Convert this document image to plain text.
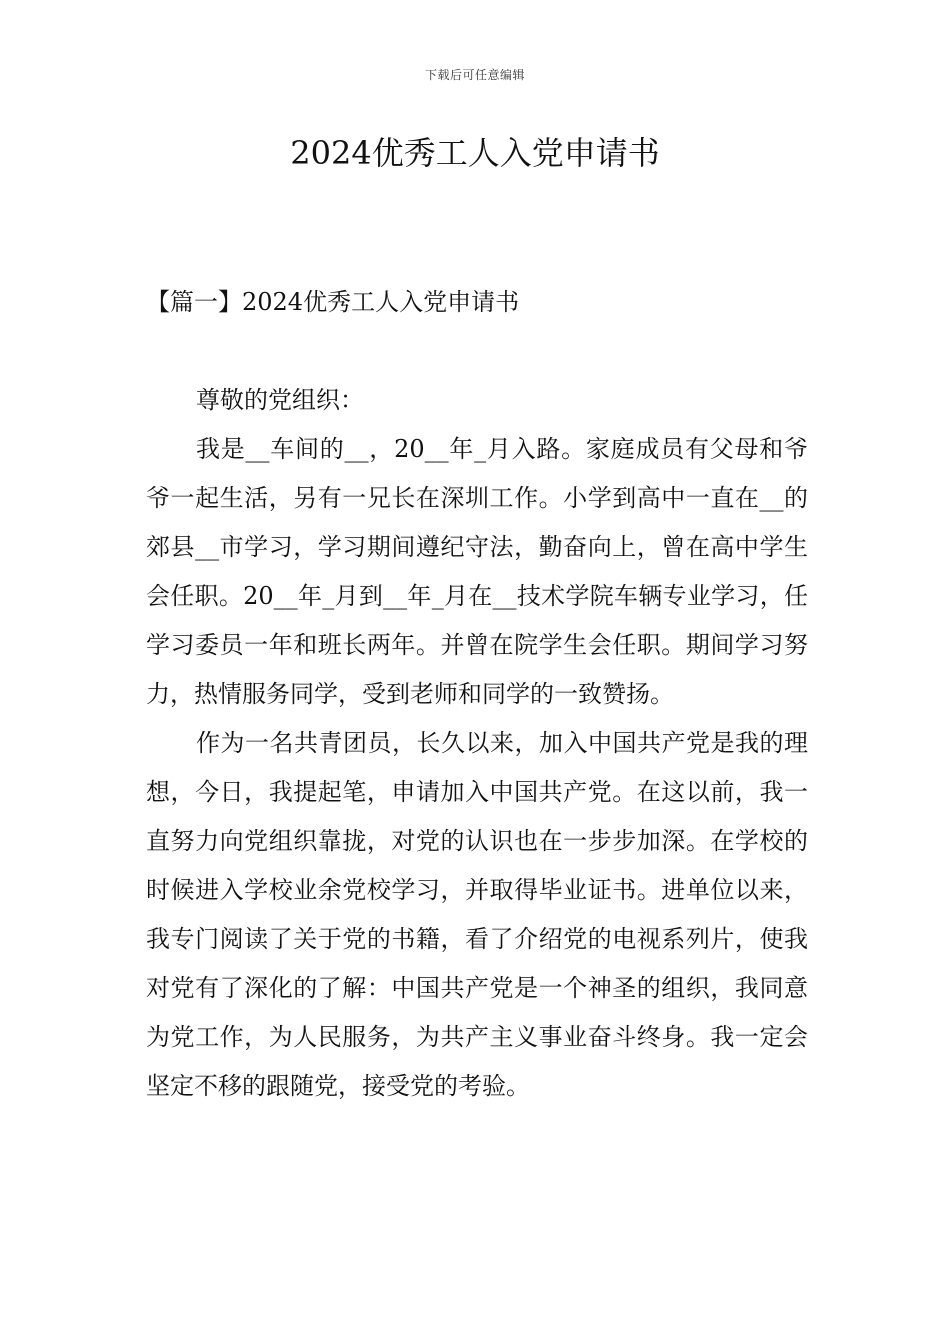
下载后可任意编辑
2024优秀工人入党申请书
【篇一】2024优秀工人入党申请书

尊敬的党组织：

我是__车间的__，20__年_月入路。家庭成员有父母和爷爷一起生活，另有一兄长在深圳工作。小学到高中一直在__的郊县__市学习，学习期间遵纪守法，勤奋向上，曾在高中学生会任职。20__年_月到__年_月在__技术学院车辆专业学习，任学习委员一年和班长两年。并曾在院学生会任职。期间学习努力，热情服务同学，受到老师和同学的一致赞扬。

作为一名共青团员，长久以来，加入中国共产党是我的理想，今日，我提起笔，申请加入中国共产党。在这以前，我一直努力向党组织靠拢，对党的认识也在一步步加深。在学校的时候进入学校业余党校学习，并取得毕业证书。进单位以来，我专门阅读了关于党的书籍，看了介绍党的电视系列片，使我对党有了深化的了解：中国共产党是一个神圣的组织，我同意为党工作，为人民服务，为共产主义事业奋斗终身。我一定会坚定不移的跟随党，接受党的考验。
